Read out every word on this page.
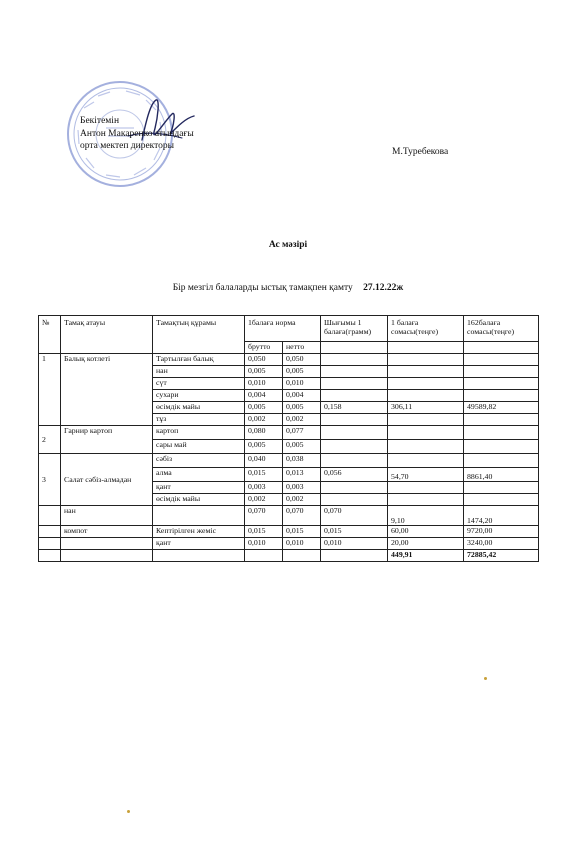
Бекітемін
Антон Макаренко атындағы
орта мектеп директоры
М.Туребекова
Ас мәзірі
Бір мезгіл балаларды ыстық тамақпен қамту 27.12.22ж
№	Тамақ атауы	Тамақтың құрамы	1балаға норма		Шығымы 1 балаға(грамм)	1 балаға сомасы(теңге)	162балаға сомасы(теңге)
			брутто	нетто			
1	Балық котлеті	Тартылған балық	0,050	0,050			
		нан	0,005	0,005			
		сүт	0,010	0,010			
		сухари	0,004	0,004			
		өсімдік майы	0,005	0,005	0,158	306,11	49589,82
		тұз	0,002	0,002			
2	Гарнир картоп	картоп	0,080	0,077			
		сары май	0,005	0,005			
3	Салат сәбіз-алмадан	сәбіз	0,040	0,038			
		алма	0,015	0,013	0,056	54,70	8861,40
		қант	0,003	0,003			
		өсімдік майы	0,002	0,002			
	нан		0,070	0,070	0,070	9,10	1474,20
	компот	Кептірілген жеміс	0,015	0,015	0,015	60,00	9720,00
		қант	0,010	0,010	0,010	20,00	3240,00
						449,91	72885,42
